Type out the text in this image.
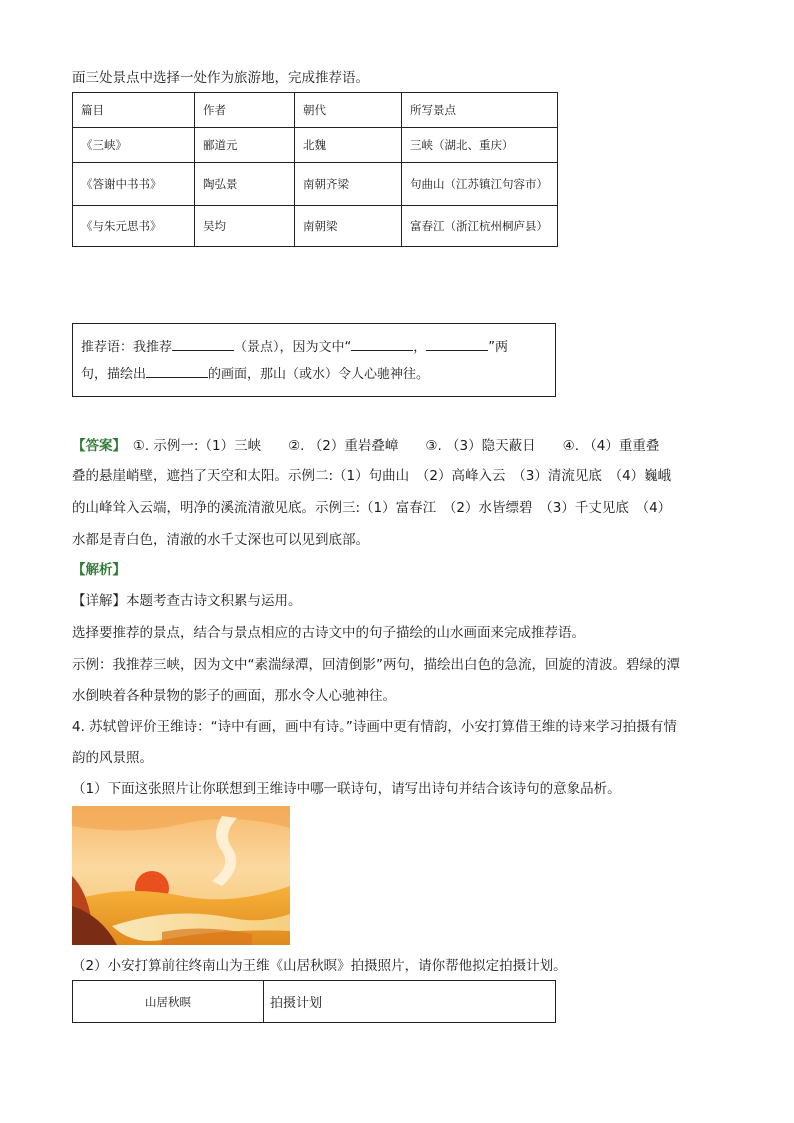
面三处景点中选择一处作为旅游地，完成推荐语。
篇目	作者	朝代	所写景点
《三峡》	郦道元	北魏	三峡（湖北、重庆）
《答谢中书书》	陶弘景	南朝齐梁	句曲山（江苏镇江句容市）
《与朱元思书》	吴均	南朝梁	富春江（浙江杭州桐庐县）
推荐语：我推荐	（景点），因为文中“	，	”两
句，描绘出	的画面，那山（或水）令人心驰神往。
【答案】　 ①. 示例一:（1）三峡　　②. （2）重岩叠嶂　　③. （3）隐天蔽日　　④. （4）重重叠
叠的悬崖峭壁，遮挡了天空和太阳。示例二:（1）句曲山　（2）高峰入云　（3）清流见底　（4）巍峨
的山峰耸入云端，明净的溪流清澈见底。示例三:（1）富春江　（2）水皆缥碧　（3）千丈见底　（4）
水都是青白色，清澈的水千丈深也可以见到底部。
【解析】
【详解】本题考查古诗文积累与运用。
选择要推荐的景点，结合与景点相应的古诗文中的句子描绘的山水画面来完成推荐语。
示例：我推荐三峡，因为文中“素湍绿潭，回清倒影”两句，描绘出白色的急流，回旋的清波。碧绿的潭
水倒映着各种景物的影子的画面，那水令人心驰神往。
4. 苏轼曾评价王维诗：“诗中有画，画中有诗。”诗画中更有情韵，小安打算借王维的诗来学习拍摄有情
韵的风景照。
（1）下面这张照片让你联想到王维诗中哪一联诗句，请写出诗句并结合该诗句的意象品析。
（2）小安打算前往终南山为王维《山居秋暝》拍摄照片，请你帮他拟定拍摄计划。
山居秋暝	拍摄计划
